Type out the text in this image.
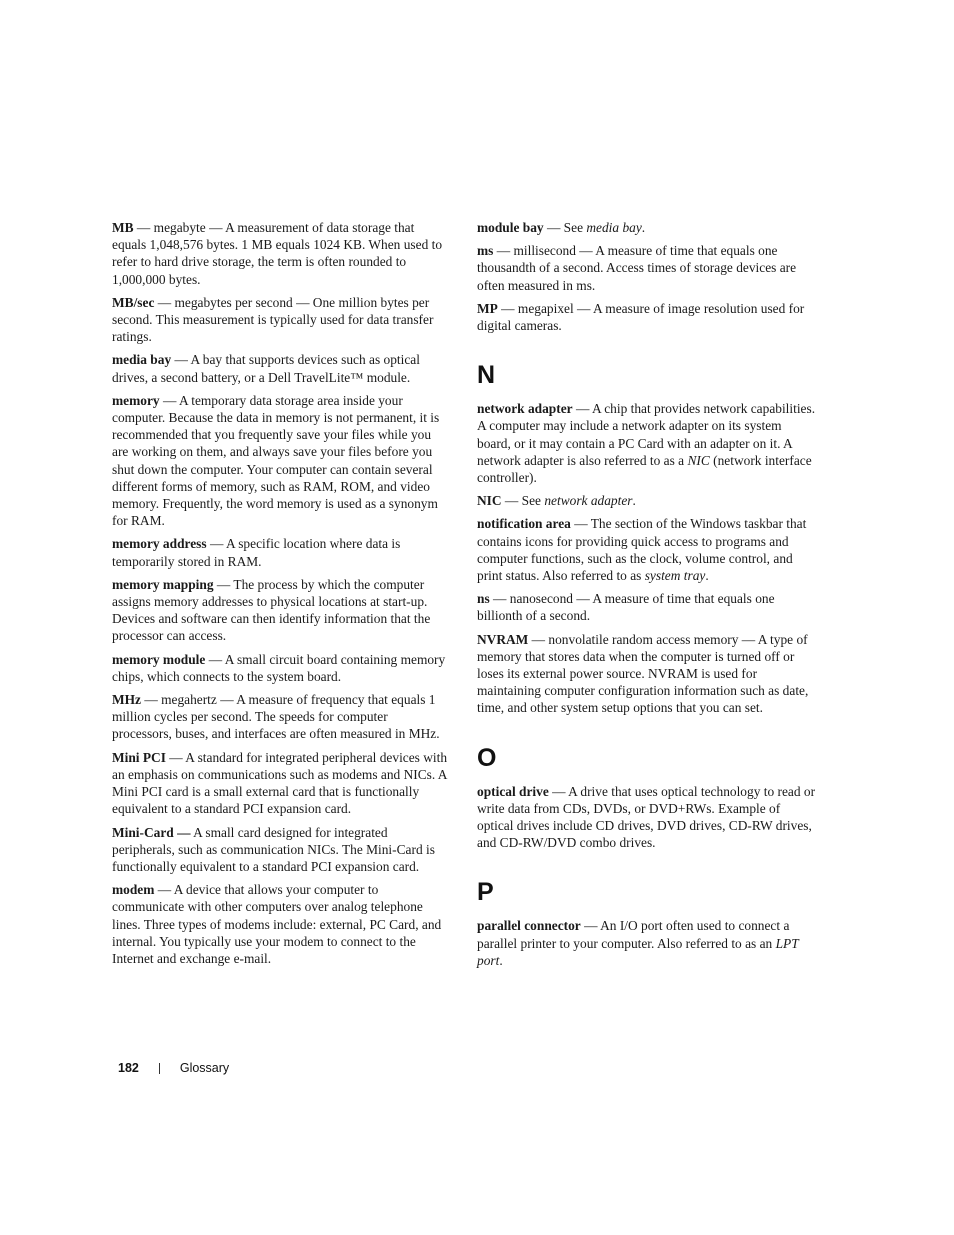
MB — megabyte — A measurement of data storage that equals 1,048,576 bytes. 1 MB equals 1024 KB. When used to refer to hard drive storage, the term is often rounded to 1,000,000 bytes.

MB/sec — megabytes per second — One million bytes per second. This measurement is typically used for data transfer ratings.

media bay — A bay that supports devices such as optical drives, a second battery, or a Dell TravelLite™ module.

memory — A temporary data storage area inside your computer. Because the data in memory is not permanent, it is recommended that you frequently save your files while you are working on them, and always save your files before you shut down the computer. Your computer can contain several different forms of memory, such as RAM, ROM, and video memory. Frequently, the word memory is used as a synonym for RAM.

memory address — A specific location where data is temporarily stored in RAM.

memory mapping — The process by which the computer assigns memory addresses to physical locations at start-up. Devices and software can then identify information that the processor can access.

memory module — A small circuit board containing memory chips, which connects to the system board.

MHz — megahertz — A measure of frequency that equals 1 million cycles per second. The speeds for computer processors, buses, and interfaces are often measured in MHz.

Mini PCI — A standard for integrated peripheral devices with an emphasis on communications such as modems and NICs. A Mini PCI card is a small external card that is functionally equivalent to a standard PCI expansion card.

Mini-Card — A small card designed for integrated peripherals, such as communication NICs. The Mini-Card is functionally equivalent to a standard PCI expansion card.

modem — A device that allows your computer to communicate with other computers over analog telephone lines. Three types of modems include: external, PC Card, and internal. You typically use your modem to connect to the Internet and exchange e-mail.

module bay — See media bay.

ms — millisecond — A measure of time that equals one thousandth of a second. Access times of storage devices are often measured in ms.

MP — megapixel — A measure of image resolution used for digital cameras.

N

network adapter — A chip that provides network capabilities. A computer may include a network adapter on its system board, or it may contain a PC Card with an adapter on it. A network adapter is also referred to as a NIC (network interface controller).

NIC — See network adapter.

notification area — The section of the Windows taskbar that contains icons for providing quick access to programs and computer functions, such as the clock, volume control, and print status. Also referred to as system tray.

ns — nanosecond — A measure of time that equals one billionth of a second.

NVRAM — nonvolatile random access memory — A type of memory that stores data when the computer is turned off or loses its external power source. NVRAM is used for maintaining computer configuration information such as date, time, and other system setup options that you can set.

O

optical drive — A drive that uses optical technology to read or write data from CDs, DVDs, or DVD+RWs. Example of optical drives include CD drives, DVD drives, CD-RW drives, and CD-RW/DVD combo drives.

P

parallel connector — An I/O port often used to connect a parallel printer to your computer. Also referred to as an LPT port.

182	Glossary
